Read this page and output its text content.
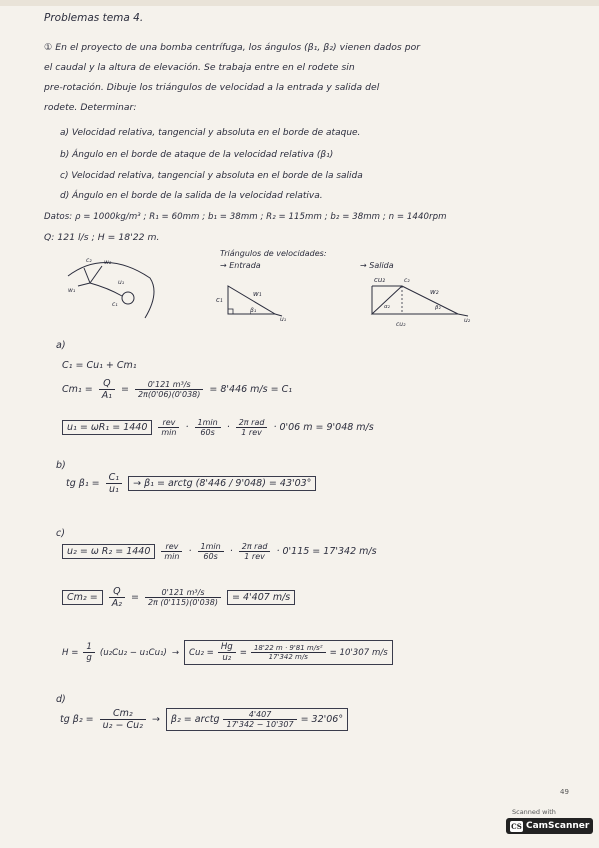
Problemas tema 4.
① En el proyecto de una bomba centrífuga, los ángulos (β₁, β₂) vienen dados por
el caudal y la altura de elevación. Se trabaja entre en el rodete sin
pre-rotación. Dibuje los triángulos de velocidad a la entrada y salida del
rodete. Determinar:
a) Velocidad relativa, tangencial y absoluta en el borde de ataque.
b) Ángulo en el borde de ataque de la velocidad relativa (β₁)
c) Velocidad relativa, tangencial y absoluta en el borde de la salida
d) Ángulo en el borde de la salida de la velocidad relativa.
Datos: ρ = 1000kg/m³ ; R₁ = 60mm ; b₁ = 38mm ; R₂ = 115mm ; b₂ = 38mm ; n = 1440rpm
Q: 121 l/s ; H = 18'22 m.
c₂ w₂
w₁
u₁
c₁
Triángulos de velocidades:
→ Entrada	→ Salida
c₁
w₁
u₁
β₁
cu₂	c₂
w₂
u₂
α₂	β₂
cu₂
a)
C₁ = Cu₁ + Cm₁
$Cm_1 = \frac{Q}{\text{A₁}} = \frac{\text{0'121 m³/s}}{2\pi(0'06)(0'038)} = 8'446$ m/s = C₁
u₁ = ωR₁ = 1440	$\frac{\text{rev}}{\min} \cdot \frac{1\min}{60s} \cdot \frac{\text{2π rad}}{\text{1 rev}} \cdot 0'06$ m = 9'048 m/s
b)
tg $\beta_1 = \frac{\text{C₁}}{\text{u₁}}$	→ β₁ = arctg (8'446 / 9'048) = 43'03°
c)
u₂ = ω R₂ = 1440	$\frac{\text{rev}}{\min} \cdot \frac{1\min}{60s} \cdot \frac{\text{2π rad}}{\text{1 rev}} \cdot 0'115 = 17'342$ m/s
Cm₂ =	$\frac{Q}{\text{A₂}} = \frac{\text{0'121 m³/s}}{2\pi (0'115)(0'038)}$	= 4'407 m/s
$H = \frac{1}{g} (u_2Cu_2 - u_1Cu_1) \to Cu_2 = \frac{Hg}{\text{u₂}} = \frac{\text{18'22 m · 9'81 m/s²}}{17'342 m/s} = 10'307$ m/s
d)
tg $\beta_2 = \frac{\text{Cm₂}}{\text{u₂ − Cu₂}} \to \beta_2$ = arctg $\frac{4'407}{17'342 - 10'307} = 32'06^\circ$
49
Scanned with
CS CamScanner
